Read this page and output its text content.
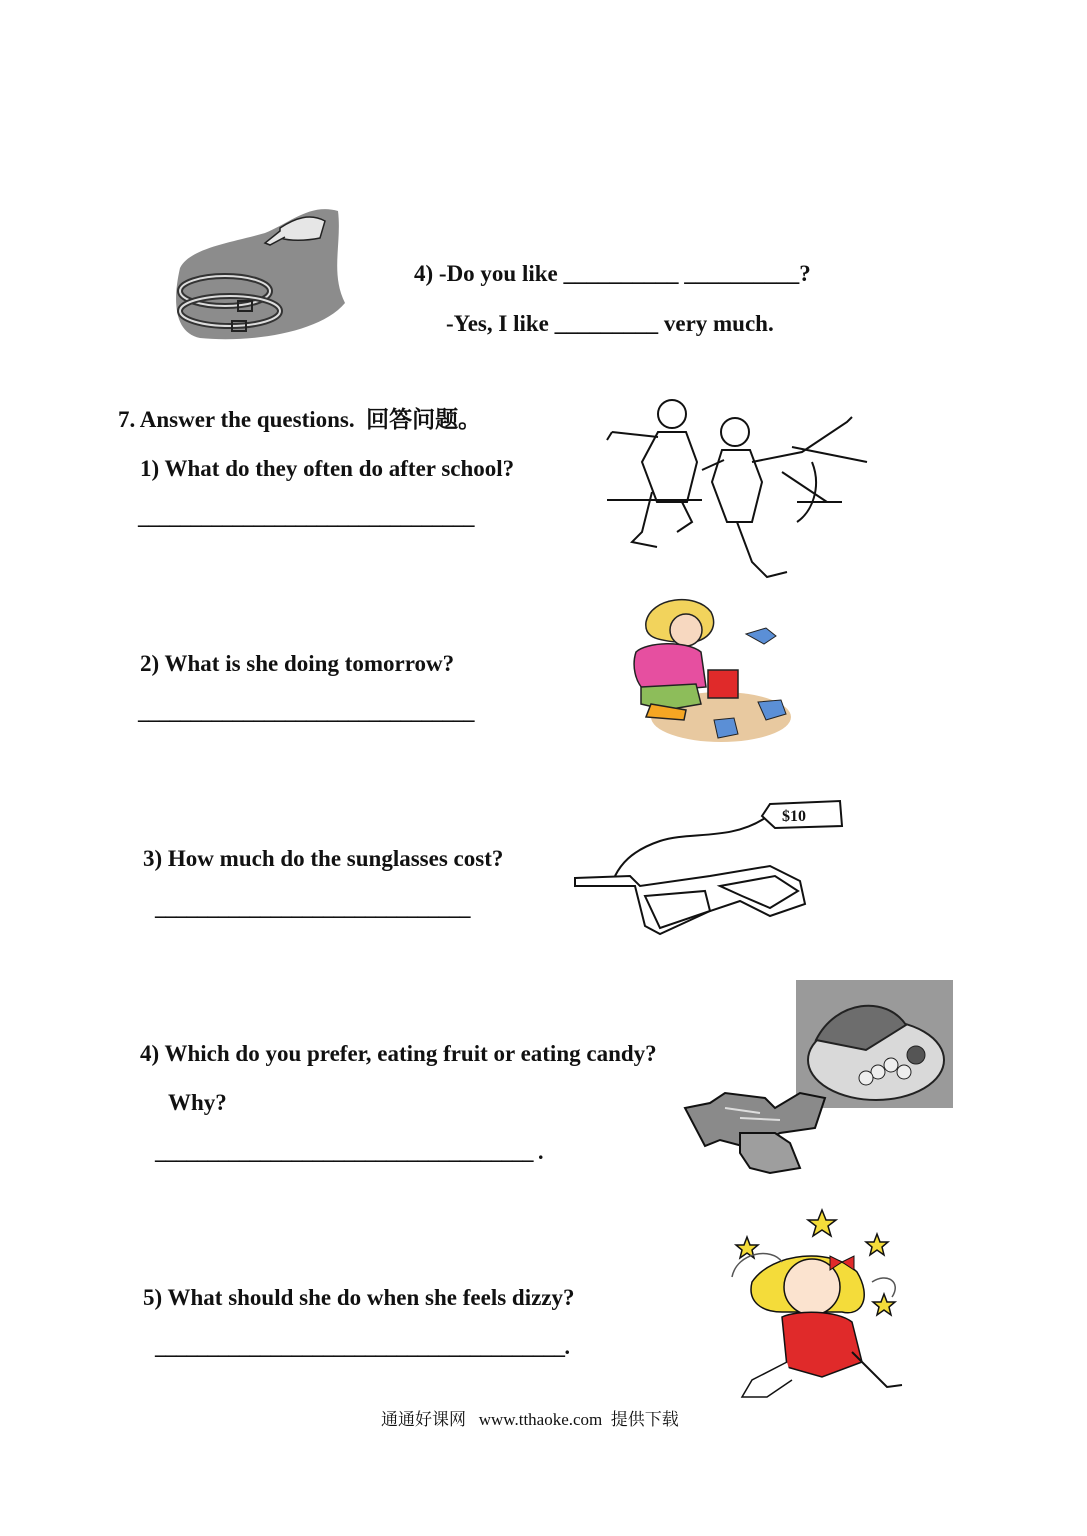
4) -Do you like __________ __________?
-Yes, I like _________ very much.
7. Answer the questions.  回答问题。
1) What do they often do after school?
________________________________
2) What is she doing tomorrow?
________________________________
3) How much do the sunglasses cost?
______________________________
$10
4) Which do you prefer, eating fruit or eating candy?
Why?
____________________________________ .
5) What should she do when she feels dizzy?
_______________________________________.
通通好课网   www.tthaoke.com  提供下载
